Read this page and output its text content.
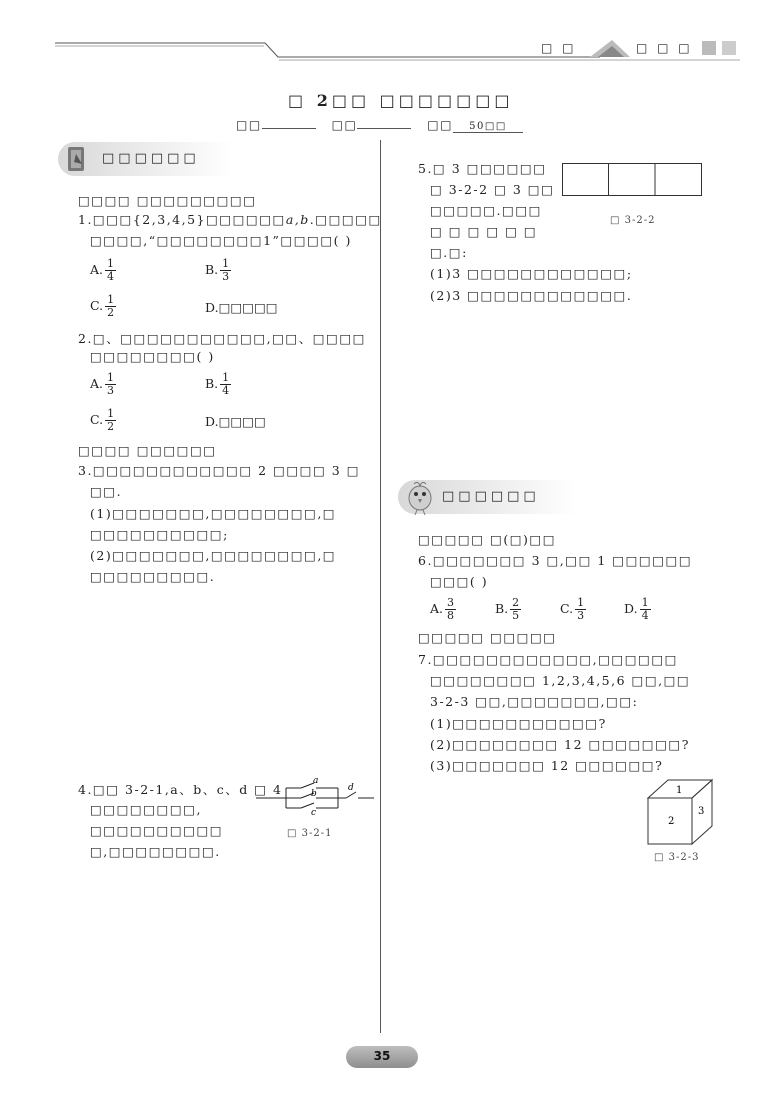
□ □	□ □ □
□ 2□□ □□□□□□□
□□	□□	□□ 50□□
□□□□□□
□□□□ □□□□□□□□□
1.□□□{2,3,4,5}□□□□□□a,b.□□□□□
□□□□,“□□□□□□□□1”□□□□( )
A. $\frac{1}{4}$	B. $\frac{1}{3}$
C. $\frac{1}{2}$	D.□□□□□
2.□、□□□□□□□□□□□,□□、□□□□
□□□□□□□□( )
A. $\frac{1}{3}$	B. $\frac{1}{4}$
C. $\frac{1}{2}$	D.□□□□
□□□□ □□□□□□
3.□□□□□□□□□□□□ 2 □□□□ 3 □
□□.
(1)□□□□□□□,□□□□□□□□,□
□□□□□□□□□□;
(2)□□□□□□□,□□□□□□□□,□
□□□□□□□□□.
4.□□ 3-2-1,a、b、c、d □ 4
□□□□□□□□,
□□□□□□□□□□
□,□□□□□□□□.
a
b
c
d
□ 3-2-1
5.□ 3 □□□□□□
□ 3-2-2 □ 3 □□
□□□□□.□□□
□ □ □ □ □ □
□.□:
(1)3 □□□□□□□□□□□□;
(2)3 □□□□□□□□□□□□.
□ 3-2-2
□□□□□□
□□□□□ □(□)□□
6.□□□□□□□ 3 □,□□ 1 □□□□□□
□□□( )
A. $\frac{3}{8}$	B. $\frac{2}{5}$	C. $\frac{1}{3}$	D. $\frac{1}{4}$
□□□□□ □□□□□
7.□□□□□□□□□□□□,□□□□□□
□□□□□□□□ 1,2,3,4,5,6 □□,□□
3-2-3 □□,□□□□□□□,□□:
(1)□□□□□□□□□□□?
(2)□□□□□□□□ 12 □□□□□□□?
(3)□□□□□□□ 12 □□□□□□?
1
2
3
□ 3-2-3
35
